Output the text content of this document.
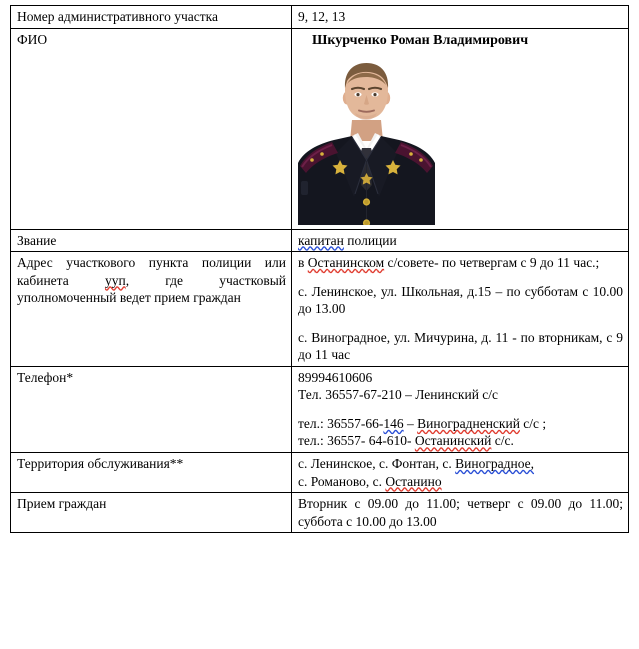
Номер административного участка	9, 12, 13
ФИО	Шкурченко Роман Владимирович

Звание	капитан полиции

Адрес участкового пункта полиции или кабинета ууп, где участковый уполномоченный ведет прием граждан	в Останинском с/совете- по четвергам с 9 до 11 час.;

с. Ленинское, ул. Школьная, д.15 – по субботам с 10.00 до 13.00

с. Виноградное, ул. Мичурина, д. 11 - по вторникам, с 9 до 11 час

Телефон*	89994610606

Тел. 36557-67-210 – Ленинский с/с

тел.: 36557-66-146 – Виноградненский с/с ;

тел.: 36557- 64-610- Останинский с/с.

Территория обслуживания**	с. Ленинское, с. Фонтан, с. Виноградное,

с. Романово, с. Останино

Прием граждан	Вторник с 09.00 до 11.00; четверг с 09.00 до 11.00; суббота с 10.00 до 13.00
